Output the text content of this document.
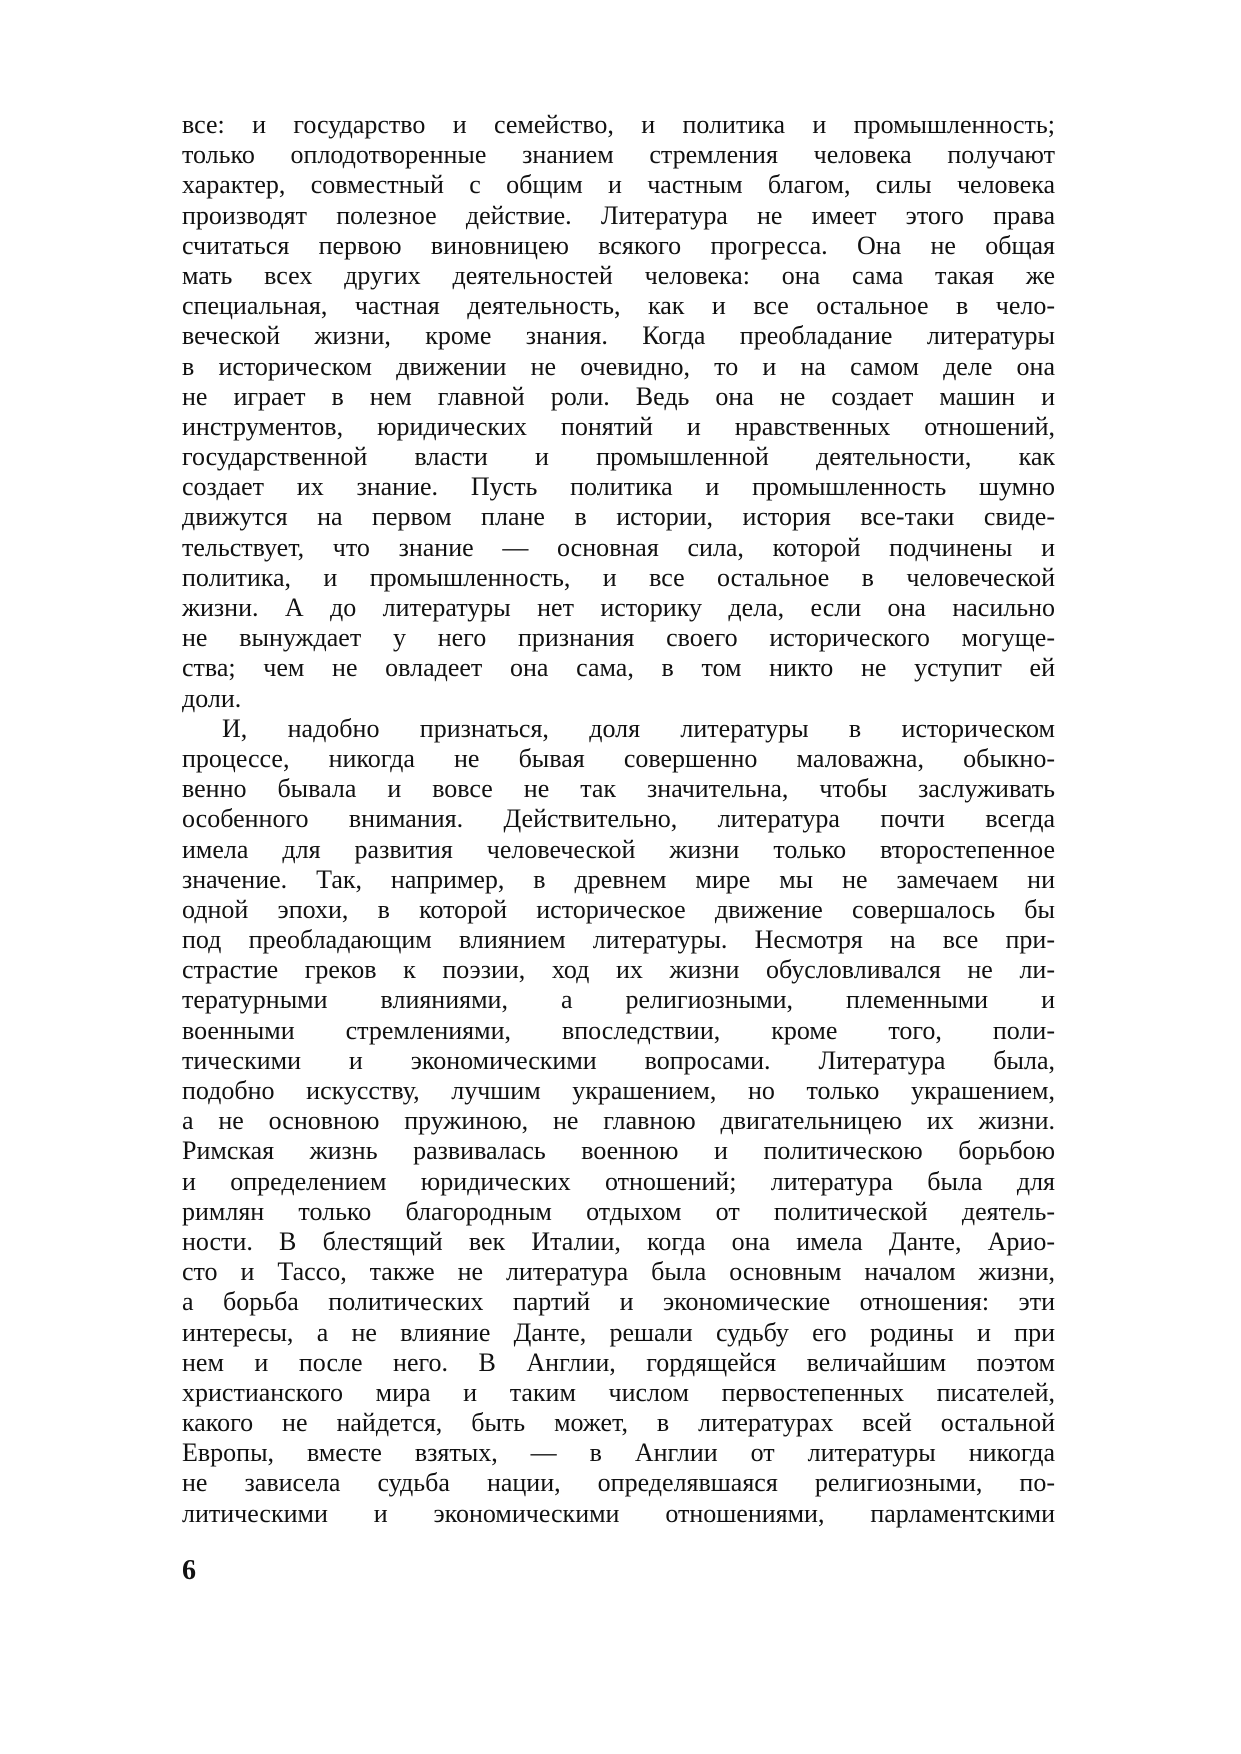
все: и государство и семейство, и политика и промышленность;
только оплодотворенные знанием стремления человека получают
характер, совместный с общим и частным благом, силы человека
производят полезное действие. Литература не имеет этого права
считаться первою виновницею всякого прогресса. Она не общая
мать всех других деятельностей человека: она сама такая же
специальная, частная деятельность, как и все остальное в чело-
веческой жизни, кроме знания. Когда преобладание литературы
в историческом движении не очевидно, то и на самом деле она
не играет в нем главной роли. Ведь она не создает машин и
инструментов, юридических понятий и нравственных отношений,
государственной власти и промышленной деятельности, как
создает их знание. Пусть политика и промышленность шумно
движутся на первом плане в истории, история все-таки свиде-
тельствует, что знание — основная сила, которой подчинены и
политика, и промышленность, и все остальное в человеческой
жизни. А до литературы нет историку дела, если она насильно
не вынуждает у него признания своего исторического могуще-
ства; чем не овладеет она сама, в том никто не уступит ей
доли.
И, надобно признаться, доля литературы в историческом
процессе, никогда не бывая совершенно маловажна, обыкно-
венно бывала и вовсе не так значительна, чтобы заслуживать
особенного внимания. Действительно, литература почти всегда
имела для развития человеческой жизни только второстепенное
значение. Так, например, в древнем мире мы не замечаем ни
одной эпохи, в которой историческое движение совершалось бы
под преобладающим влиянием литературы. Несмотря на все при-
страстие греков к поэзии, ход их жизни обусловливался не ли-
тературными влияниями, а религиозными, племенными и
военными стремлениями, впоследствии, кроме того, поли-
тическими и экономическими вопросами. Литература была,
подобно искусству, лучшим украшением, но только украшением,
а не основною пружиною, не главною двигательницею их жизни.
Римская жизнь развивалась военною и политическою борьбою
и определением юридических отношений; литература была для
римлян только благородным отдыхом от политической деятель-
ности. В блестящий век Италии, когда она имела Данте, Арио-
сто и Тассо, также не литература была основным началом жизни,
а борьба политических партий и экономические отношения: эти
интересы, а не влияние Данте, решали судьбу его родины и при
нем и после него. В Англии, гордящейся величайшим поэтом
христианского мира и таким числом первостепенных писателей,
какого не найдется, быть может, в литературах всей остальной
Европы, вместе взятых, — в Англии от литературы никогда
не зависела судьба нации, определявшаяся религиозными, по-
литическими и экономическими отношениями, парламентскими
6
